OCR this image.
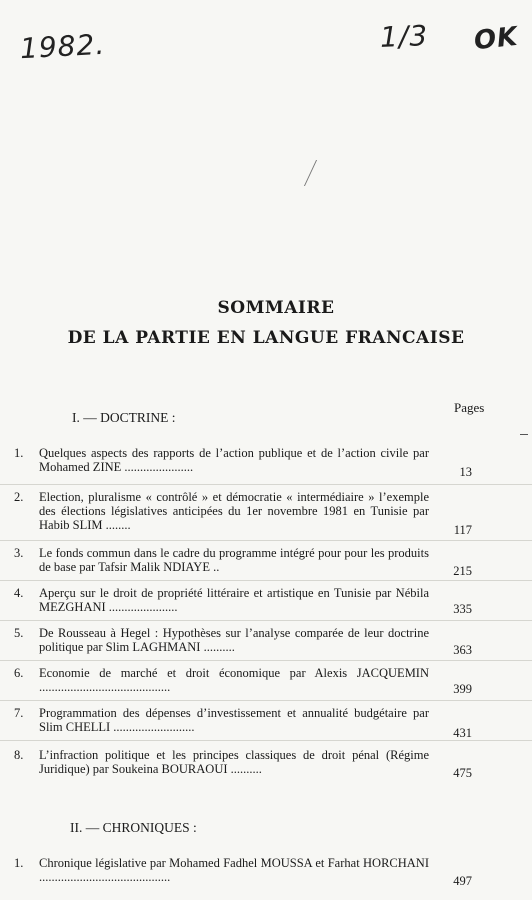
1982.	1/3 OK
SOMMAIRE
DE LA PARTIE EN LANGUE FRANCAISE
I. — DOCTRINE :
Pages
1. Quelques aspects des rapports de l’action publique et de l’action civile par Mohamed ZINE ......................	13
2. Election, pluralisme « contrôlé » et démocratie « intermédiaire » l’exemple des élections législatives anticipées du 1er novembre 1981 en Tunisie par Habib SLIM ........	117
3. Le fonds commun dans le cadre du programme intégré pour pour les produits de base par Tafsir Malik NDIAYE ..	215
4. Aperçu sur le droit de propriété littéraire et artistique en Tunisie par Nébila MEZGHANI ......................	335
5. De Rousseau à Hegel : Hypothèses sur l’analyse comparée de leur doctrine politique par Slim LAGHMANI ..........	363
6. Economie de marché et droit économique par Alexis JACQUEMIN ..........................................	399
7. Programmation des dépenses d’investissement et annualité budgétaire par Slim CHELLI ..........................	431
8. L’infraction politique et les principes classiques de droit pénal (Régime Juridique) par Soukeina BOURAOUI ..........	475
II. — CHRONIQUES :
1. Chronique législative par Mohamed Fadhel MOUSSA et Farhat HORCHANI ..........................................	497
